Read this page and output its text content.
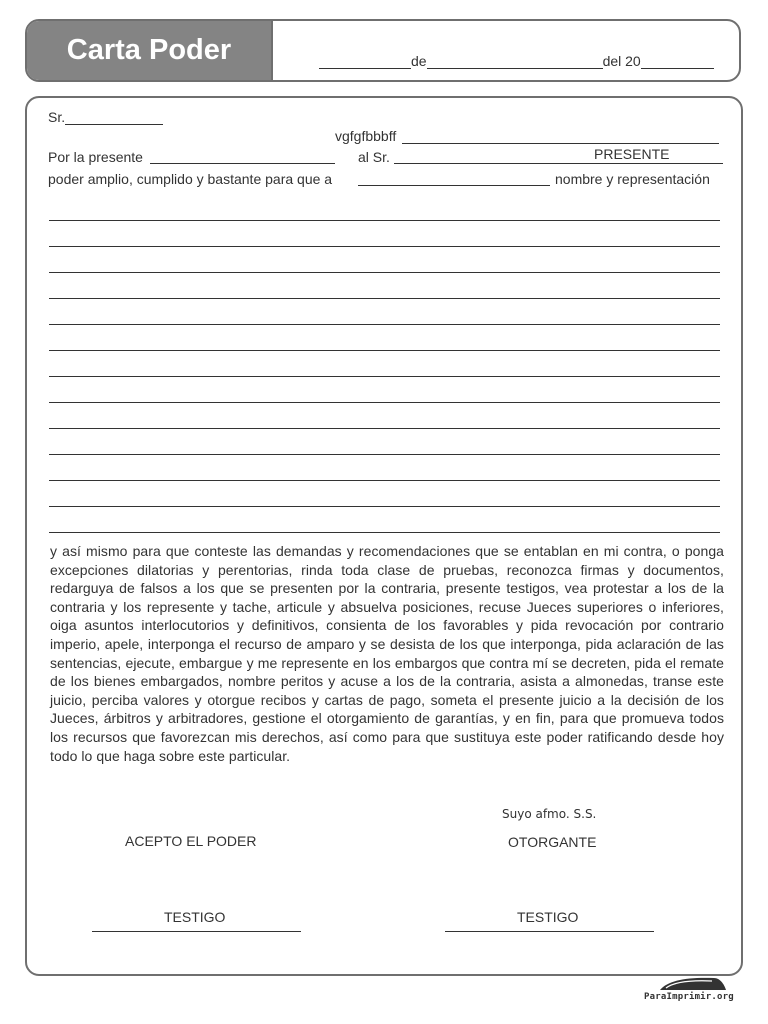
Carta Poder	de	del 20
Sr.
vgfgfbbbff
Por la presente	al Sr.	PRESENTE
poder amplio, cumplido y bastante para que a	nombre y representación
y así mismo para que conteste las demandas y recomendaciones que se entablan en mi contra, o ponga excepciones dilatorias y perentorias, rinda toda clase de pruebas, reconozca firmas y documentos, redarguya de falsos a los que se presenten por la contraria, presente testigos, vea protestar a los de la contraria y los represente y tache, articule y absuelva posiciones, recuse Jueces superiores o inferiores, oiga asuntos interlocutorios y definitivos, consienta de los favorables y pida revocación por contrario imperio, apele, interponga el recurso de amparo y se desista de los que interponga, pida aclaración de las sentencias, ejecute, embargue y me represente en los embargos que contra mí se decreten, pida el remate de los bienes embargados, nombre peritos y acuse a los de la contraria, asista a almonedas, transe este juicio, perciba valores y otorgue recibos y cartas de pago, someta el presente juicio a la decisión de los Jueces, árbitros y arbitradores, gestione el otorgamiento de garantías, y en fin, para que promueva todos los recursos que favorezcan mis derechos, así como para que sustituya este poder ratificando desde hoy todo lo que haga sobre este particular.
Suyo afmo. S.S.
ACEPTO EL PODER	OTORGANTE
TESTIGO	TESTIGO
ParaImprimir.org
